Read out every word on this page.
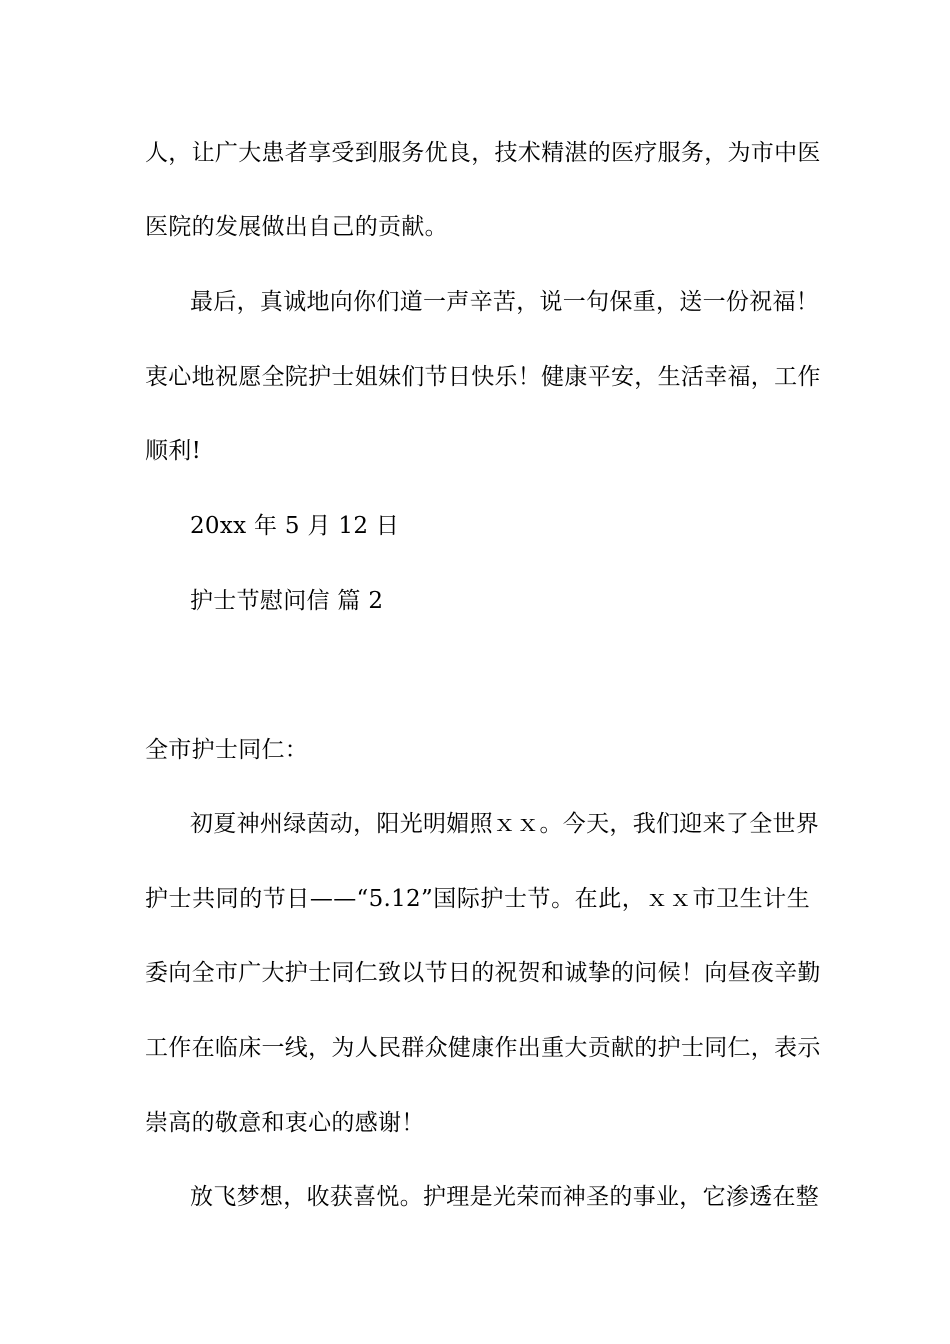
人，让广大患者享受到服务优良，技术精湛的医疗服务，为市中医
医院的发展做出自己的贡献。
最后，真诚地向你们道一声辛苦，说一句保重，送一份祝福！
衷心地祝愿全院护士姐妹们节日快乐！健康平安，生活幸福，工作
顺利!
20xx 年 5 月 12 日
护士节慰问信 篇 2
全市护士同仁：
初夏神州绿茵动，阳光明媚照ｘｘ。今天，我们迎来了全世界
护士共同的节日——“5.12”国际护士节。在此，ｘｘ市卫生计生
委向全市广大护士同仁致以节日的祝贺和诚挚的问候！向昼夜辛勤
工作在临床一线，为人民群众健康作出重大贡献的护士同仁，表示
崇高的敬意和衷心的感谢！
放飞梦想，收获喜悦。护理是光荣而神圣的事业，它渗透在整
